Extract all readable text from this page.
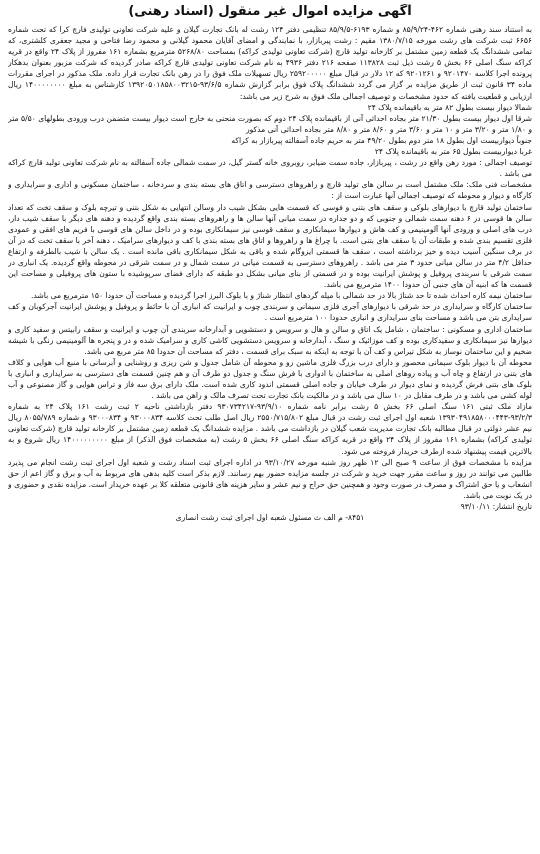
آگهی مزایده اموال غیر منقول (اسناد رهنی)

به استناد سند رهنی شماره ۴۶۲-۸۵/۹/۲۴ و شماره ۶۱۹۳-۸۵/۹/۵ تنظیمی دفتر ۱۲۴ رشت له بانک تجارت گیلان و علیه شرکت تعاونی تولیدی فارچ کرا که تحت شماره ۶۶۵۶ ثبت شرکت های رشت مورخه ۱۳۸۰/۷/۱۵ مقیم : رشت پیربازار، با نمایندگی و امضای آقایان محمود گیلانی و محمود رضا فتاحی و مجید جعفری کلشتری، که تمامی ششدانگ یک قطعه زمین مشتمل بر کارخانه تولید قارچ (شرکت تعاونی تولیدی کراکه) بمساحت ۵۲۶۸/۸۰ مترمربع بشماره ۱۶۱ مفروز از پلاک ۲۴ واقع در قریه کراکه سنگ اصلی ۶۶ بخش ۵ رشت ذیل ثبت ۱۱۳۸۲۸ صفحه ۲۱۶ دفتر ۴۹۳۶ به نام شرکت تعاونی تولیدی قارچ کراکه صادر گردیده که شرکت مزبور بعنوان بدهکار پرونده اجرا کلاسه ۹۲۰۱۴۷۰ و ۹۲۰۱۲۶۱ که ۱۲ دلار در قبال مبلغ ۲۵۹۲۰۰۰۰۰ ریال تسهیلات ملک فوق را در رهن بانک تجارت قرار داده. ملک مذکور در اجرای مقررات ماده ۳۴ قانون ثبت از طریق مزایده بر گزار می گردد ششدانگ پلاک فوق برابر گزارش شماره ۹۳/۶/۵-۱۳۹۲۰۵۰۱۸۵۸۰۰۳۲۱۵ کارشناس به مبلغ ۱۴۰۰۰۰۰۰۰۰ ریال ارزیابی و قطعیت یافته که حدود مشخصات و توصیف اجمالی ملک فوق به شرح زیر می باشد:

شمالا دیوار بیست بطول ۸۲ متر به باقیمانده پلاک ۲۴

شرقا اول دیوار بیست بطول ۲۱/۳۰ متر بجاده احداثی آنی از باقیمانده پلاک ۲۴ دوم که بصورت منحنی به خارج است دیوار بیست متضمن درب ورودی بطولهای ۵/۵۰ متر و ۱/۸۰ متر و ۳/۲۰ متر و ۱۰ متر و ۳/۶۰ متر و ۸/۶۰ متر و ۸/۸۰ متر بجاده احداثی آنی مذکور

جنوباً دیواربیست اول بطول ۱۸ متر دوم بطول ۴۹/۲۰ متر به حریم جاده آسفالته پیربازار به کراکه

غربا دیواربیست بطول ۶۵ متر به باقیمانده پلاک ۲۴

توصیف اجمالی : مورد رهن واقع در رشت ، پیربازار، جاده سمت ضیابر، روبروی خانه گستر گیل، در سمت شمالی جاده آسفالته به نام شرکت تعاونی تولید قارچ کراکه می باشد .

مشخصات فنی ملک: ملک مشتمل است بر سالن های تولید قارچ و راهروهای دسترسی و اتاق های بسته بندی و سردخانه ، ساختمان مسکونی و اداری و سرایداری و کارگاه و دیوار و محوطه که توصیف اجمالی آنها عبارت است از :

ساختمان تولید قارچ با دیوارهای بلوکی و سقف های بتنی و فوسی که قسمت هایی بشکل شیب دار وسالن انتهایی به شکل بتنی و تیرچه بلوک و سقف تخت که تعداد سالن ها قوسی در ۶ دهنه سمت شمالی و جنوبی که و دو جداره در سمت میانی آنها سالن ها و راهروهای بسته بندی واقع گردیده و دهنه های دیگر با سقف شیب دار، درب های اصلی و ورودی آنها آلومینیمی و کف هاش و دیوارها سیمانکاری و سقف قوسی نیز سیمانکاری بوده و در داخل سالن های قوسی با فریم های افقی و عمودی فلزی تقسیم بندی شده و طبقات آن با سقف های بتنی است. با چراغ ها و راهروها و اتاق های بسته بندی با کف و دیوارهای سرامیک ، دهنه آخر با سقف تخت که در آن در برف سنگین آسیب دیده و خیز برداشته است ، سقف ها قسمتی ایزوگام شده و باقی به شکل سیمانکاری باقی مانده است . یک سالن با شیب بالطرفه و ارتفاع حداقل ۴/۲ متر در سالن میانی حدود ۳ متر می باشد . راهروهای دسترسی به قسمت میانی در سمت شمال و در سمت شرقی در محوطه واقع گردیده. یک انباری در سمت شرقی با سربندی پروفیل و پوشش ایرانیت بوده و در قسمتی از بنای میانی بشکل دو طبقه که دارای فضای سرپوشیده با ستون های پروفیلی و مساحت این قسمت ها که ابنیه آن های جنبی آن حدودا ۱۴۰۰ مترمربع می باشد.

ساختمان نیمه کاره احداث شده تا حد شناژ بالا در حد شمالی با میله گردهای انتظار شناژ و با بلوک البرز اجرا گردیده و مساحت آن حدودا ۱۵۰ مترمربع می باشد.

ساختمان کارگاه و سرایداری در حد شرقی با دیوارهای آجری فلزی سیمانی و سربندی چوب و ایرانیت که انباری آن با حائط و پروفیل و پوشش ایرانیت آجرکوبان و کف سرایداری بتن می باشد و مساحت بنای سرایداری و انباری حدودا ۱۰۰ مترمربع است .

ساختمان اداری و مسکونی : ساختمان ، شامل یک اتاق و سالن و هال و سرویس و دستشویی و آبدارخانه سربندی آن چوب و ایرانیت و سقف رابیتس و سفید کاری و دیوارها نیز سیمانکاری و سفیدکاری بوده و کف موزائیک و سنگ ، آبدارخانه و سرویس دستشویی کاشی کاری و سرامیک شده و در و پنجره ها آلومینیمی رنگی با شیشه ضخیم و این ساختمان نوساز به شکل تیراس و کف آن با توجه به اینکه به سبک برای قسمت ، دفتر که مساحت آن حدودا ۸۵ متر مربع می باشد.

محوطه آن با دیوار بلوک سیمانی محصور و دارای درب بزرگ فلزی ماشین رو و محوطه آن شامل جدول و شن ریزی و روشنایی و آبرسانی با منبع آب هوایی و کلاف های بتنی در ارتفاع و چاه آب و پیاده روهای اصلی به ساختمان با ادواری با فرش سنگ و جدول دو طرف آن و هم چنین قسمت های دسترسی به سرایداری و انباری با بلوک های بتنی فرش گردیده و نمای دیوار در طرف خیابان و جاده اصلی قسمتی اندود کاری شده است. ملک دارای برق سه فاز و تراس هوایی و گاز مصنوعی و آب لوله کشی می باشد و در طرف مقابل در ۱۰ سال می باشد و در مالکیت بانک تجارت تحت تصرف مالک و راهن می باشد .

مازاد ملک ثبتی ۱۶۱ سنگ اصلی ۶۶ بخش ۵ رشت برابر نامه شماره ۹۳/۹/۱۰-۹۳۰۷۳۴۲۱۷ دفتر بازداشتی ناحیه ۲ ثبت رشت ۱۶۱ پلاک ۲۴ به شماره ۹۳/۲/۳-۱۳۹۳۰۴۹۱۸۵۸۰۰۰۴۴۳ شعبه اول اجرای ثبت رشت در قبال مبلغ ۲۵۵۰/۷۱۵/۸۰۲ ریال اصل طلب تحت کلاسه ۹۳۰۰۰۸۳۴ و ۹۳۰۰۰۸۳۴ و شماره ۸۰۵۵/۷۸۹ ریال نیم عشر دولتی در قبال مطالبه بانک تجارت مدیریت شعب گیلان در بازداشت می باشد . مزایده ششدانگ یک قطعه زمین مشتمل بر کارخانه تولید قارچ (شرکت تعاونی تولیدی کراکه) بشماره ۱۶۱ مفروز از پلاک ۲۴ واقع در قریه کراکه سنگ اصلی ۶۶ بخش ۵ رشت (به مشخصات فوق الذکر) از مبلغ ۱۴۰۰۰۰۰۰۰۰۰ ریال شروع و به بالاترین قیمت پیشنهاد شده ازطرف خریدار فروخته می شود.

مزایده با مشخصات فوق از ساعت ۹ صبح الی ۱۲ ظهر روز شنبه مورخه ۹۳/۱۰/۲۷ در اداره اجرای ثبت اسناد رشت و شعبه اول اجرای ثبت رشت انجام می پذیرد طالبین می توانند در روز و ساعت مقرر جهت خرید و شرکت در جلسه مزایده حضور بهم رسانند. لازم بذکر است کلیه بدهی های مربوط به آب و برق و گاز اعم از حق انشعاب و یا حق اشتراک و مصرف در صورت وجود و همچنین حق حراج و نیم عشر و سایر هزینه های قانونی متعلقه کلا بر عهده خریدار است. مزایده نقدی و حضوری و در یک نوبت می باشد.

تاریخ انتشار: ۹۳/۱۰/۱۱
۸۴۵۱- م الف ث مسئول شعبه اول اجرای ثبت رشت انصاری
